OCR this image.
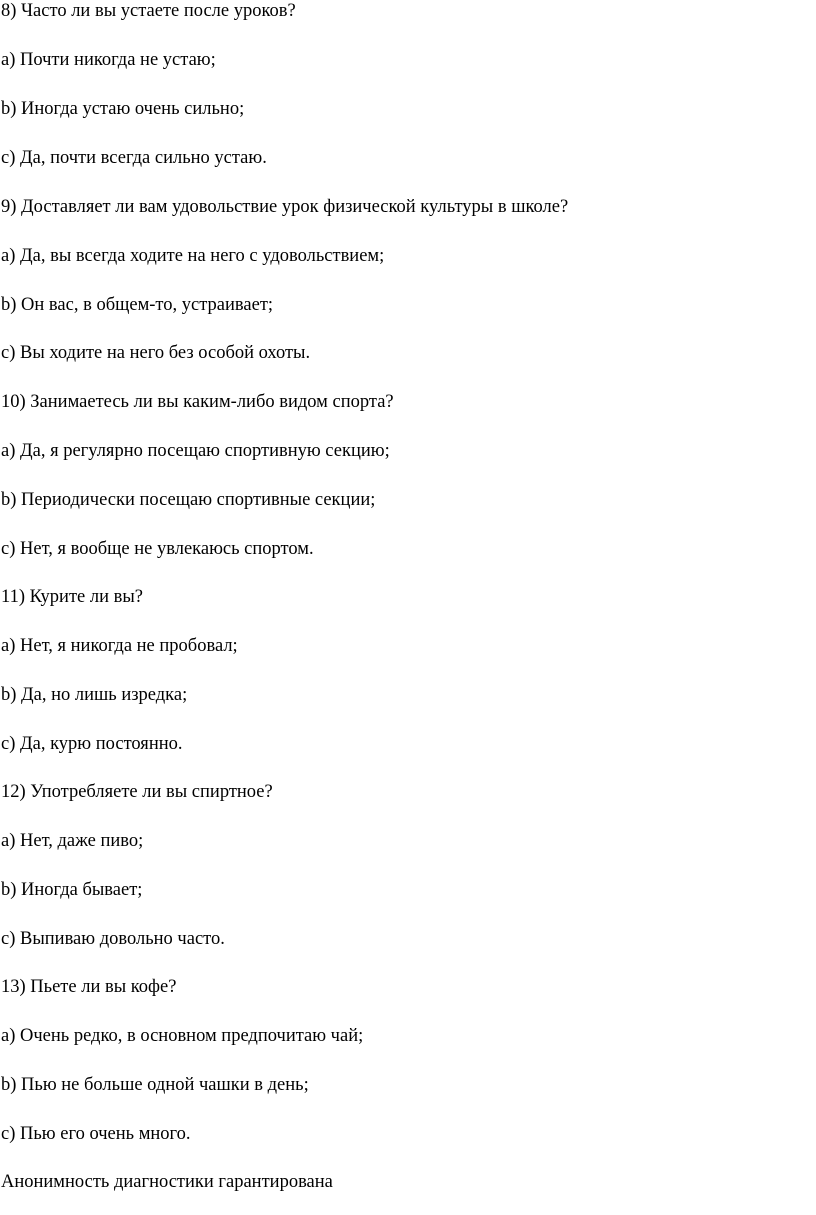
8) Часто ли вы устаете после уроков?
а) Почти никогда не устаю;
b) Иногда устаю очень сильно;
с) Да, почти всегда сильно устаю.
9) Доставляет ли вам удовольствие урок физической культуры в школе?
а) Да, вы всегда ходите на него с удовольствием;
b) Он вас, в общем-то, устраивает;
с) Вы ходите на него без особой охоты.
10) Занимаетесь ли вы каким-либо видом спорта?
а) Да, я регулярно посещаю спортивную секцию;
b) Периодически посещаю спортивные секции;
с) Нет, я вообще не увлекаюсь спортом.
11) Курите ли вы?
а) Нет, я никогда не пробовал;
b) Да, но лишь изредка;
с) Да, курю постоянно.
12) Употребляете ли вы спиртное?
а) Нет, даже пиво;
b) Иногда бывает;
с) Выпиваю довольно часто.
13) Пьете ли вы кофе?
а) Очень редко, в основном предпочитаю чай;
b) Пью не больше одной чашки в день;
с) Пью его очень много.
Анонимность диагностики гарантирована
